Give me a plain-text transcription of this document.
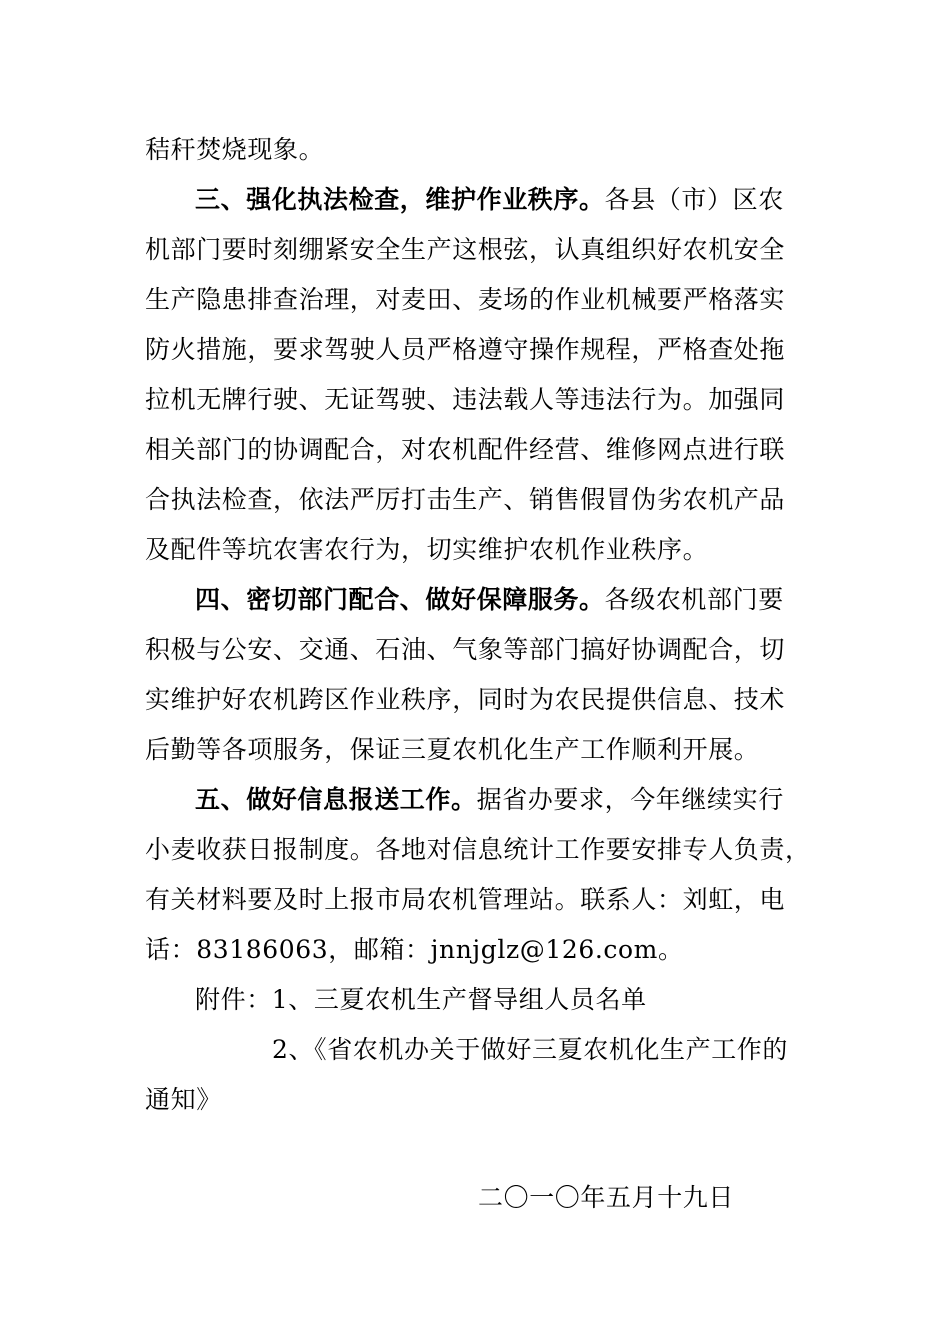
秸秆焚烧现象。
三、强化执法检查，维护作业秩序。各县（市）区农
机部门要时刻绷紧安全生产这根弦，认真组织好农机安全
生产隐患排查治理，对麦田、麦场的作业机械要严格落实
防火措施，要求驾驶人员严格遵守操作规程，严格查处拖
拉机无牌行驶、无证驾驶、违法载人等违法行为。加强同
相关部门的协调配合，对农机配件经营、维修网点进行联
合执法检查，依法严厉打击生产、销售假冒伪劣农机产品
及配件等坑农害农行为，切实维护农机作业秩序。
四、密切部门配合、做好保障服务。各级农机部门要
积极与公安、交通、石油、气象等部门搞好协调配合，切
实维护好农机跨区作业秩序，同时为农民提供信息、技术
后勤等各项服务，保证三夏农机化生产工作顺利开展。
五、做好信息报送工作。据省办要求，今年继续实行
小麦收获日报制度。各地对信息统计工作要安排专人负责，
有关材料要及时上报市局农机管理站。联系人：刘虹，电
话：83186063，邮箱：jnnjglz@126.com。
附件：1、三夏农机生产督导组人员名单
2、《省农机办关于做好三夏农机化生产工作的
通知》
二〇一〇年五月十九日
